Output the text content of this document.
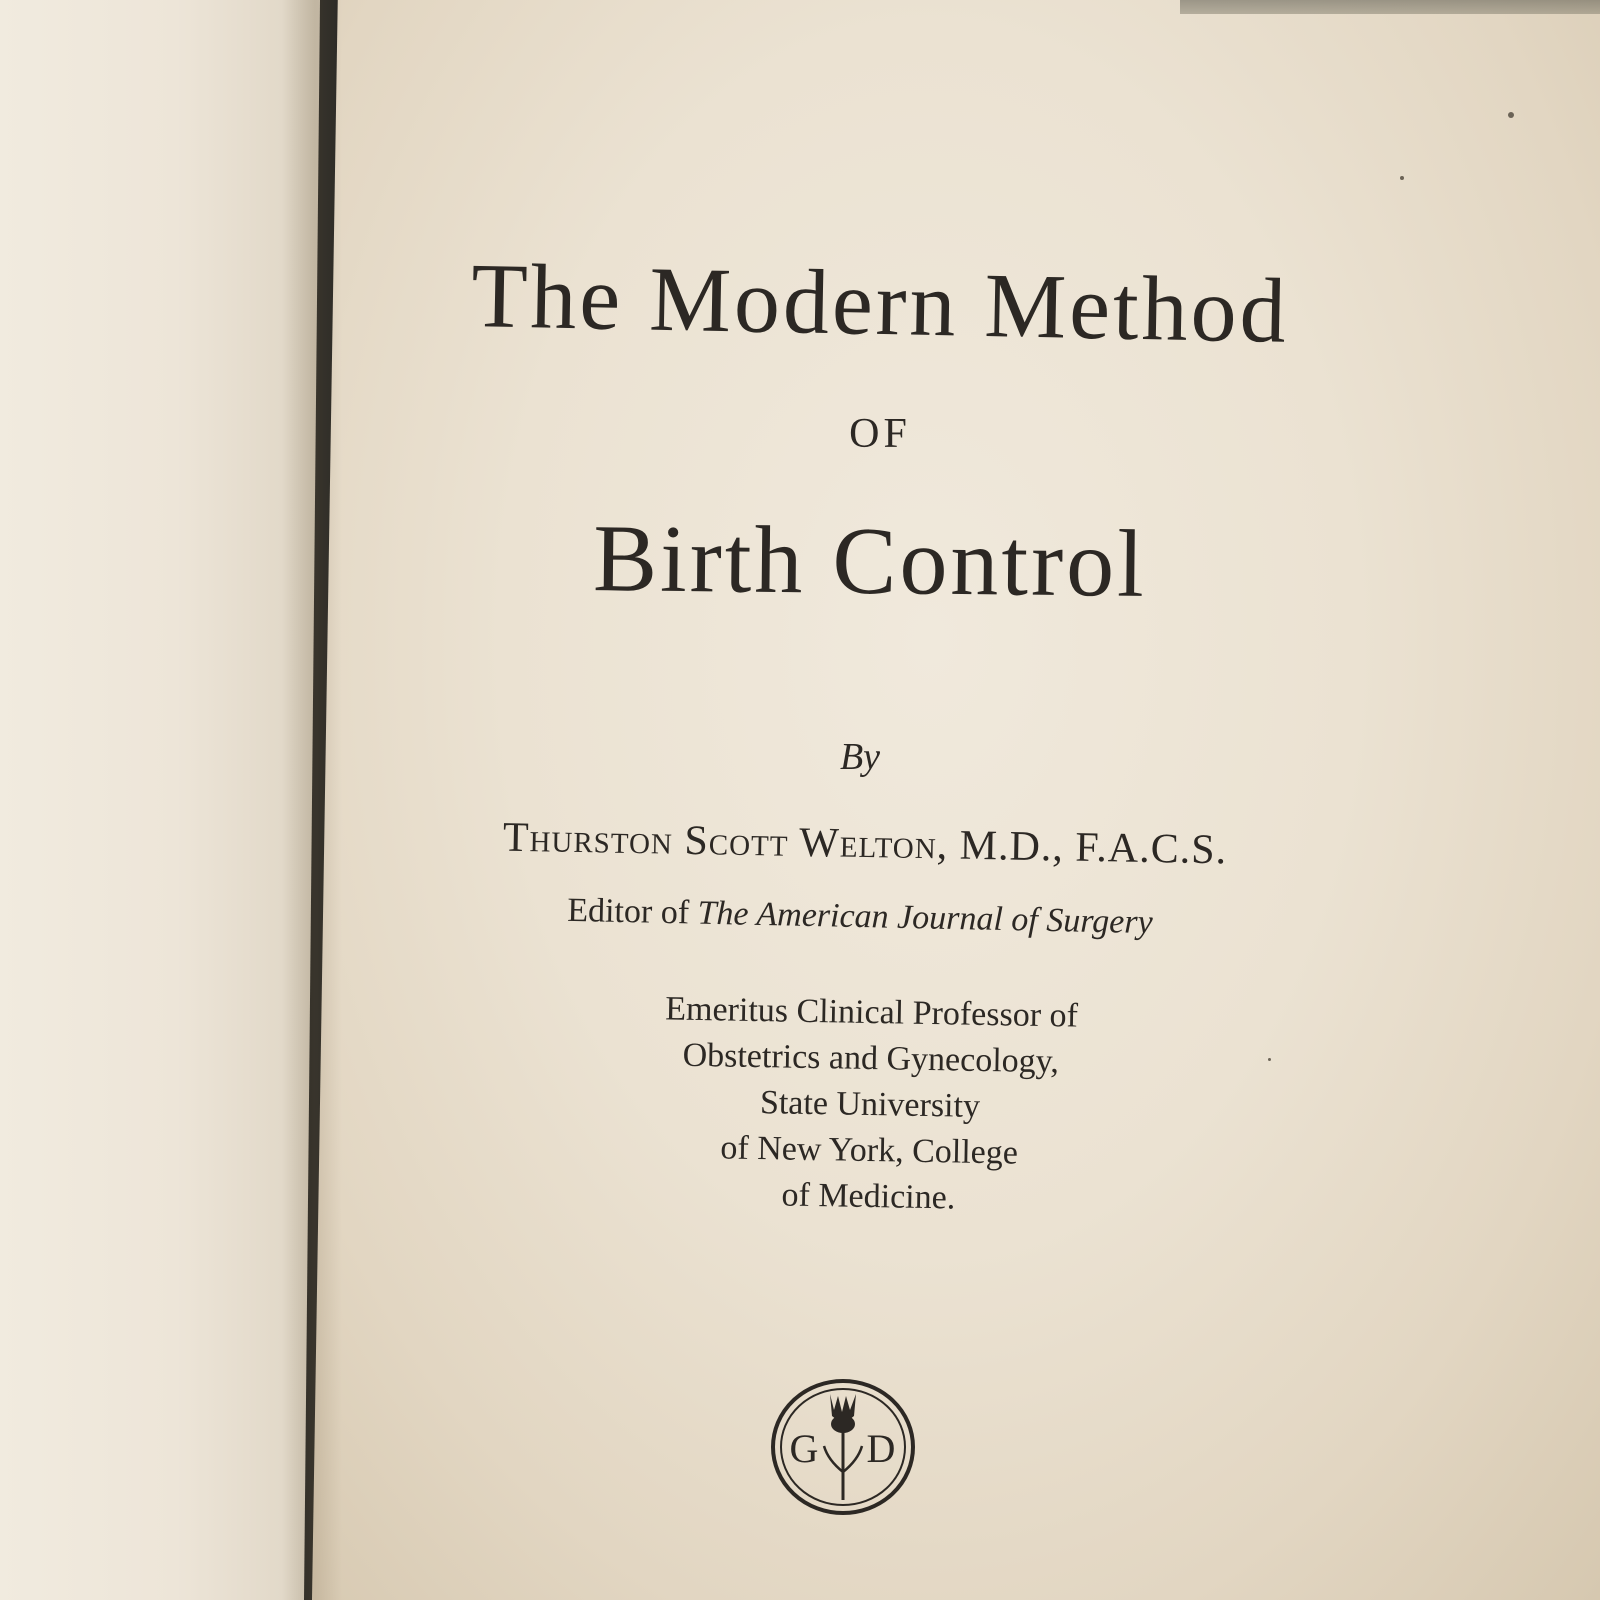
The Modern Method
OF
Birth Control
By
Thurston Scott Welton, M.D., F.A.C.S.
Editor of The American Journal of Surgery
Emeritus Clinical Professor of
Obstetrics and Gynecology,
State University
of New York, College
of Medicine.
G D
